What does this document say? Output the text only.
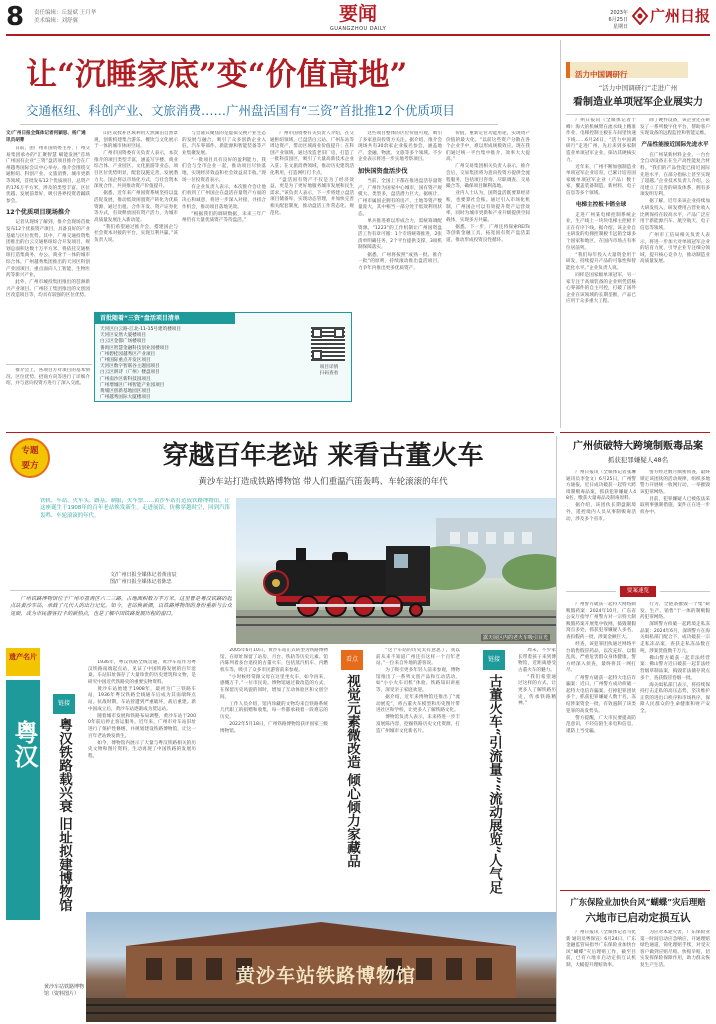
8	责任编辑：丘磊斌 王月华
美术编辑：刘舒翼	要闻
GUANGZHOU DAILY
2023年
6月25日
星期日
广州日报
让“沉睡家底”变“价值高地”
交通枢纽、科创产业、文旅消费……广州盘活国有“三资”首批推12个优质项目
文/广州日报全媒体记者何颖思、杨广通讯员胡菁

日前，由广州市国资委主办，广州交易集团承办的“汇聚智慧 赋能发展”首场广州国有企业“三资”盘活项目推介会在广州越秀国际会议中心举办。推介会围绕交通枢纽、科创产业、文旅消费、城市更新等领域，首批发布12个优质项目，总资产约176万平方米，涉及的类型丰富、区位优越、发展前景好，吸引各界投资者踊跃参会。

12个优质项目现场推介

记者从现场了解到，推介会现场首批发布12个优质资产项目，具备良好的产业基础与区位优势。其中，广州交通投资集团推出的白云交通枢纽综合开发项目，规划总面积达数十万平方米，将依托交通枢纽打造集商务、办公、商业于一体的城市综合体。广州越秀集团推出的天河区科创产业园项目，重点面向人工智能、生物医药等新兴产业。

此外，广州市城投集团推出的琶洲新兴产业项目、广州轻工集团推出的文创园区改造项目等，均具有较强的区位优势。

山区双授补区域利用天然湖泊自然景观，创新构建集合游乐、餐饮与文化展示于一体的城市休闲空间。

广州市国资委有关负责人表示，本次推介的项目类型丰富，涵盖写字楼、商业综合体、产业园区、文化旅游等业态，项目区位优势明显，配套设施完善，发展潜力大。国企将以市场化方式，与社会资本深度合作，共同推动资产价值提升。

据悉，近年来广州国资系统坚持以盘活促发展，推动低效闲置资产转化为优质资源，通过出租、合作开发、资产证券化等方式，有效释放国有资产活力，为城市高质量发展注入新动能。

“我们希望通过推介会，搭建国企与社会资本对接的平台，实现互利共赢。”该负责人说。

与会嘉宾聚焦的是虚拟交换产业生态的发展与融合，吸引了众多创新企业入驻。汽车零部件、新能源和智能装备等产业集聚发展。

“一批项目具有良好的盈利能力，我们会与全市企业一起，推动项目尽快落地，实现经济效益和社会效益双丰收。”现场一位投资者表示。

有企业负责人表示，本次推介会让他们看到了广州国企在盘活存量资产方面的决心和诚意，将进一步深入对接，寻找合作机会，推动项目落地见效。

“根据我们的调研数据，未来三年广州仍有大量优质资产等待盘活。”

广州市国资委有关负责人介绍，在交通枢纽领域，已盘活白云站、广州东站等周边资产，带动区域商业价值提升；在科创产业领域，通过改造老旧厂房，打造了一批科技园区，吸引了大量高新技术企业入驻；在文旅消费领域，推动历史建筑活化利用，打造网红打卡点。

“盘活国有资产不仅是为了经济效益，更是为了更好地服务城市发展和民生需求。”该负责人表示，下一步将建立盘活项目储备库，实现动态管理，并加快完善相关配套制度，推动盘活工作常态化、规范化。

这些项目整体的区位价值可观，吸引了多家意向投资方关注。据介绍，推介会现场共有30余家企业报名参会，涵盖地产、金融、物流、文旅等多个领域。不少企业表示将进一步实地考察项目。

加快国资盘活步伐

当前，全国上下都在推进盘活存量资产，广州作为国家中心城市，国有资产规模大、类型多，盘活潜力巨大。据统计，广州市属国企拥有的房产、土地等资产数量庞大，其中相当一部分处于低效利用状态。

单兵推进难以形成合力，需统筹调配资源。“1223”的工作机制让广州国资盘活工作有章可循：1个专班统筹推进，2张清单明确任务，2个平台提供支撑，3项机制保障落实。

据悉，广州将按照“成熟一批、推介一批”的原则，持续滚动推出盘活项目，力争年内推出更多优质资产。

价值，重新定位功能用途，实现资产价值的最大化。“以前这些资产分散在各个企业手中，难以形成规模效应。现在我们通过统一平台集中推介，效率大大提高。”

广州交易集团相关负责人表示，推介会后，交易集团将为意向投资方提供全流程服务，包括项目咨询、尽职调查、交易撮合等，确保项目顺利落地。

业内人士认为，国资盘活既要算经济账，也要算社会账。通过引入市场化机制，广州国企可以有效提升资产运营效率，同时为城市更新和产业升级提供空间载体，实现多方共赢。

据悉，下一步，广州还将探索REITs等创新金融工具，拓宽国有资产盘活渠道，推动形成投资良性循环。

首批随着“三资”盘活项目清单
天河区白云路-江北-11-15号建筑楼项目
天河区安然大厦楼项目
白云区金都广场楼项目
番禺区智慧金融科技创业园楼项目
广州碧桂园越秀区产业项目
广州国际重点开发区项目
天河区数字智联谷主题园项目
白云区朗诗（广州）楼盘项目
广州南沙区新科技园项目
广州增城区广州智能产业园项目
黄埔区创新基地园区项目
广州越秀国际大厦楼项目
项目详情
扫码查看

推介会上，各项目方对项目的基本情况、区位优势、招商方向等进行了详细介绍，并与意向投资方进行了深入交流。

活力中国调研行
“活力中国调研行”走进广州
看制造业单项冠军企业展实力

广州日报讯（全媒体记者于峰）海大的机械臂在流水线上精准作业，电梯控制主板在车间里快速下线……6月24日，“活力中国调研行”走进广州，先后来到多家制造业单项冠军企业，探访其硬核实力。

近年来，广州不断加强制造业单项冠军企业培育，已累计培育国家级单项冠军企业（产品）数十家，覆盖装备制造、新材料、电子信息等多个领域。

电梯主控板卡销全球

走进广州某电梯控制系统企业，生产线上一块块电梯主控板卡正在有序下线。据介绍，该企业自主研发的电梯控制板卡远销全球多个国家和地区，在国内市场占有率位居前列。

“我们每年投入大量资金用于研发，持续提升产品的可靠性和智能化水平。”企业负责人说。

同样是国家级单项冠军，另一家专注于高端装备的企业则凭借核心零部件的自主可控，打破了国外企业在该领域的长期垄断，产品已应用于众多重大工程。

除了硬件设备，该企业还在研发了一系列数字化平台，帮助客户实现设备的远程监控和智能运维。

产品性能接近国际先进水平

在广州某新材料企业，一台台全自动设备正在生产高性能复合材料。“我们的产品性能已接近国际先进水平，在部分指标上甚至实现了超越。”企业技术负责人介绍，公司建立了完善的研发体系，拥有多项发明专利。

据了解，近年来该企业持续加大研发投入，研发费用占营业收入比例保持在较高水平，产品广泛应用于新能源汽车、航空航天、电子信息等领域。

广州市工信局相关负责人表示，将进一步加大对单项冠军企业的培育力度，引导企业专注细分领域，提升核心竞争力，推动制造业高质量发展。

广州侦破特大跨境制贩毒品案
抓获犯罪嫌疑人48名

广州日报讯（全媒体记者张琳 通讯员李金文）6月25日，广州警方通报，近日成功破获一起特大跨境制贩毒品案，抓获犯罪嫌疑人48名，缴获大量毒品及制毒原料。

据介绍，该团伙长期盘踞境外，遥控境内人员从事制贩毒活动，涉及多个省市。

警方经过数月缜密侦查，最终锁定该团伙的活动规律，组织多地警力开展统一收网行动，一举摧毁该犯罪网络。

目前，犯罪嫌疑人已被依法采取刑事强制措施，案件正在进一步侦办中。

要案速览

广州警方破获一起特大网络制贩假药案：2024年10月，广东省公安厅指导广州警方对一宗特大制贩假药案开展集中收网，捣毁制假窝点多处，抓获犯罪嫌疑人多名，查扣假药一批，涉案金额巨大。

经查，该犯罪团伙通过网络平台销售假冒药品，以次充好、以假乱真，严重危害群众身体健康。警方经深入侦查，最终将其一网打尽。

广州警方破获一起特大电信诈骗案：近日，广州警方成功侦破一起特大电信诈骗案，打掉犯罪团伙多个，抓获犯罪嫌疑人数十名，冻结涉案资金一批，有效遏制了该类犯罪的高发势头。

警方提醒，广大市民要提高防范意识，不轻信陌生来电和信息，谨防上当受骗。

行为，全链条摧毁一个集“研发、生产、销售”于一体的制贩假药犯罪网络。

深圳警方侦破一起跨境走私冻品案：2024年6月，深圳警方在海关缉私部门配合下，成功破获一宗走私冻品案，查获走私冻品数百吨，涉案货值数千万元。

佛山警方破获一起非法经营案：佛山警方近日破获一起非法经营烟草制品案，捣毁非法储存窝点多个，查获假冒卷烟一批。

海关缉私部门表示，将持续保持打击走私的高压态势，坚决维护正常的进出口秩序和市场秩序，保障人民群众的生命健康和财产安全。

广东保险业加快台风“蝴蝶”灾后理赔
六地市已启动定损互认

广州日报讯（全媒体记者马化新 通讯员粤保宣）6月24日，广东金融监管局指导广东保险业加快台风“蝴蝶”灾后理赔工作，截至目前，已有六地市启动定损互认机制，大幅提升理赔效率。

为应对本轮灾害，广东保险业第一时间启动应急响应，开通理赔绿色通道，简化理赔手续，对受灾客户做到应赔尽赔、快赔早赔，切实发挥保险保障作用，助力群众恢复生产生活。

专题
要方	穿越百年老站 来看古董火车
黄沙车站打造成铁路博物馆 带人们重温汽笛轰鸣、车轮滚滚的年代
铁轨、车站、火车头、路基、制服，火车票……黄沙车站打造成铁路博物馆，让这座诞生于1908年的百年老站焕发新生。走进展馆，仿佛穿越时空，回到汽笛轰鸣、车轮滚滚的年代。
文/广州日报全媒体记者黄宙辰
图/广州日报全媒体记者陈忠

广州铁路博物馆位于广州市荔湾区六二三路，占地面积数万平方米。这里曾是粤汉铁路的起点站黄沙车站，承载了几代人的出行记忆。如今，老站焕新颜，以铁路博物馆的身份重新与公众见面，成为市民游客打卡的新热点，也是了解中国铁路发展历程的窗口。

露天展区内的老火车吸引目光
遗产名片
粤汉
链接
粤汉铁路载兴衰 旧址拟建博物馆

1936年，粤汉铁路全线贯通，黄沙车站作为粤汉铁路南端起点站，见证了中国铁路发展的百年沧桑。车站旧址保存了大量珍贵的历史建筑和文物，是研究中国近代铁路史的重要实物资料。

黄沙车站始建于1908年，最初为广三铁路车站，1936年粤汉铁路全线通车后成为其南端终点站。抗战时期，车站曾遭到严重破坏，战后重建。新中国成立后，黄沙车站逐渐成为货运站。

随着城市发展和铁路布局调整，黄沙车站于2000年前后停止客运服务。近年来，广州市对车站旧址进行了保护性修缮，并规划建设铁路博物馆，让这一百年老站焕发新生。

如今，博物馆内展示了大量与粤汉铁路相关的历史文物和图片资料，生动再现了中国铁路的发展历程。

2005年6月10日，黄沙车站正式转型为铁路博物馆，在原址保留了站房、月台、铁轨等历史元素。馆内陈列着多台退役的古董火车，包括蒸汽机车、内燃机车等，吸引了众多市民游客前来参观。

“小时候经常跟父母在这里坐火车，如今再来，感慨万千。”一位市民说。博物馆通过微改造的方式，在保留历史风貌的同时，增加了互动体验区和文创空间。

工作人员介绍，馆内珍藏的文物均来自铁路系统几代职工的捐赠和收集，每一件都承载着一段难忘的历史。

2022年5月18日，广州铁路博物馆获评国家三级博物馆。

看点
视觉元素微改造 倾心倾力家藏品

“这个车站的历史太有意思了，我以前从来不知道广州还有这样一个百年老站。”一位来自外地的游客说。

为了吸引更多年轻人前来参观，博物馆推出了一系列文创产品和互动活动，如“小小火车司机”体验、铁路知识讲座等，深受亲子家庭欢迎。

据介绍，近年来博物馆还推出了“流动展览”，将古董火车模型和历史图片带进社区和学校，让更多人了解铁路文化。

博物馆负责人表示，未来将进一步丰富展陈内容，挖掘铁路历史文化资源，打造广州城市文化新名片。

链接
古董火车“引流量”“流动展览”人气足

周末，不少家长带着孩子来到博物馆，近距离感受古董火车的魅力。

“我们希望通过这样的方式，让更多人了解铁路历史，传承铁路精神。”

黄沙车站铁路博物馆
黄沙车站铁路博物馆（资料图片）
